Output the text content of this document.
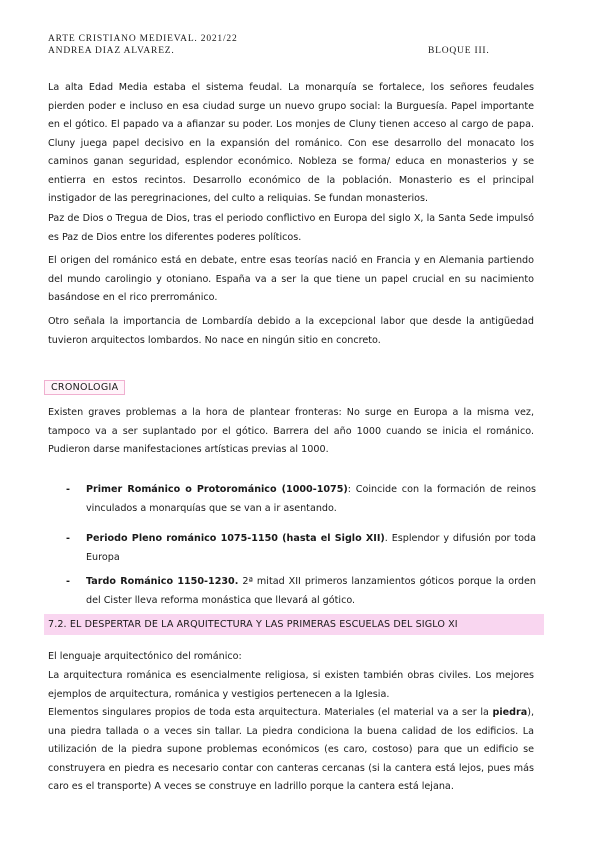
ARTE CRISTIANO MEDIEVAL. 2021/22
ANDREA DIAZ ALVAREZ.	BLOQUE III.

La alta Edad Media estaba el sistema feudal. La monarquía se fortalece, los señores feudales pierden poder e incluso en esa ciudad surge un nuevo grupo social: la Burguesía. Papel importante en el gótico. El papado va a afianzar su poder. Los monjes de Cluny tienen acceso al cargo de papa. Cluny juega papel decisivo en la expansión del románico. Con ese desarrollo del monacato los caminos ganan seguridad, esplendor económico. Nobleza se forma/ educa en monasterios y se entierra en estos recintos. Desarrollo económico de la población. Monasterio es el principal instigador de las peregrinaciones, del culto a reliquias. Se fundan monasterios.

Paz de Dios o Tregua de Dios, tras el periodo conflictivo en Europa del siglo X, la Santa Sede impulsó es Paz de Dios entre los diferentes poderes políticos.

El origen del románico está en debate, entre esas teorías nació en Francia y en Alemania partiendo del mundo carolingio y otoniano. España va a ser la que tiene un papel crucial en su nacimiento basándose en el rico prerrománico.

Otro señala la importancia de Lombardía debido a la excepcional labor que desde la antigüedad tuvieron arquitectos lombardos. No nace en ningún sitio en concreto.

CRONOLOGIA

Existen graves problemas a la hora de plantear fronteras: No surge en Europa a la misma vez, tampoco va a ser suplantado por el gótico. Barrera del año 1000 cuando se inicia el románico. Pudieron darse manifestaciones artísticas previas al 1000.

- Primer Románico o Protorománico (1000-1075): Coincide con la formación de reinos vinculados a monarquías que se van a ir asentando.
- Periodo Pleno románico 1075-1150 (hasta el Siglo XII). Esplendor y difusión por toda Europa
- Tardo Románico 1150-1230. 2ª mitad XII primeros lanzamientos góticos porque la orden del Cister lleva reforma monástica que llevará al gótico.
7.2. EL DESPERTAR DE LA ARQUITECTURA Y LAS PRIMERAS ESCUELAS DEL SIGLO XI

El lenguaje arquitectónico del románico:

La arquitectura románica es esencialmente religiosa, si existen también obras civiles. Los mejores ejemplos de arquitectura, románica y vestigios pertenecen a la Iglesia.

Elementos singulares propios de toda esta arquitectura. Materiales (el material va a ser la piedra), una piedra tallada o a veces sin tallar. La piedra condiciona la buena calidad de los edificios. La utilización de la piedra supone problemas económicos (es caro, costoso) para que un edificio se construyera en piedra es necesario contar con canteras cercanas (si la cantera está lejos, pues más caro es el transporte) A veces se construye en ladrillo porque la cantera está lejana.
